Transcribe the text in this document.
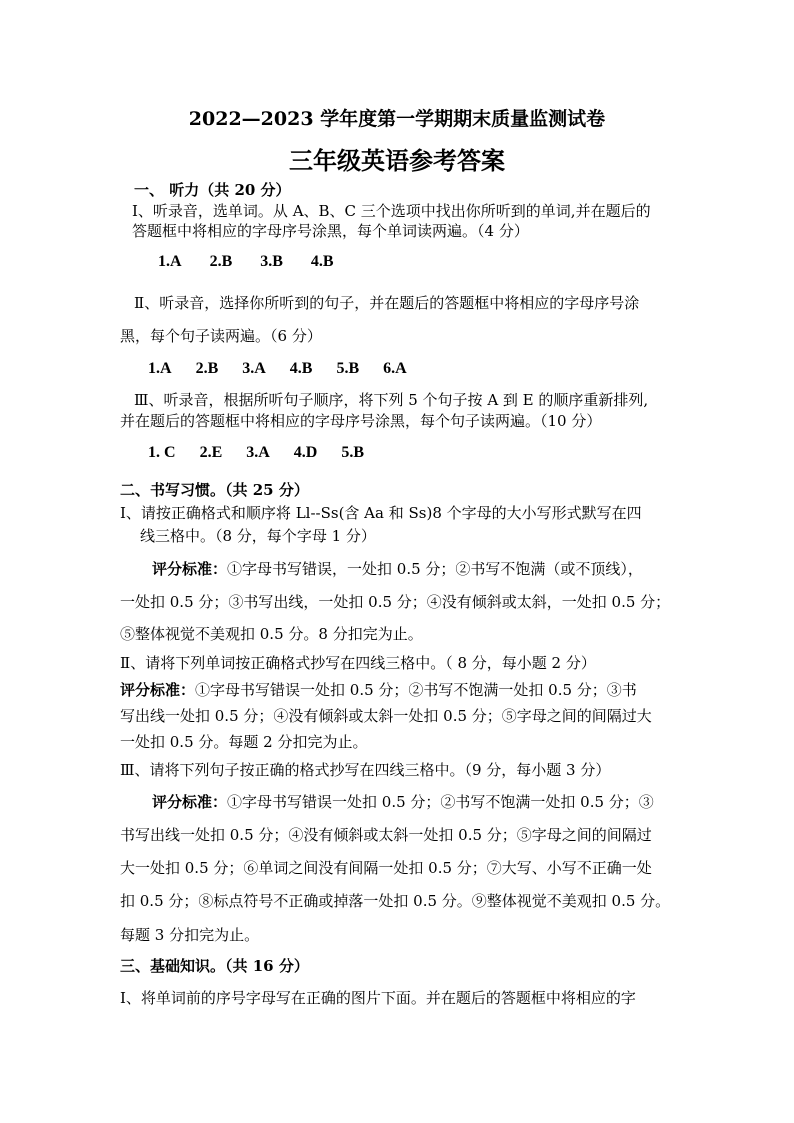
2022—2023 学年度第一学期期末质量监测试卷
三年级英语参考答案
一、 听力（共 20 分）
I、听录音，选单词。从 A、B、C 三个选项中找出你所听到的单词,并在题后的
答题框中将相应的字母序号涂黑，每个单词读两遍。（4 分）
1.A 2.B 3.B 4.B
Ⅱ、听录音，选择你所听到的句子，并在题后的答题框中将相应的字母序号涂
黑，每个句子读两遍。（6 分）
1.A 2.B 3.A 4.B 5.B 6.A
Ⅲ、听录音，根据所听句子顺序，将下列 5 个句子按 A 到 E 的顺序重新排列,
并在题后的答题框中将相应的字母序号涂黑，每个句子读两遍。（10 分）
1. C 2.E 3.A 4.D 5.B
二、书写习惯。（共 25 分）
I、请按正确格式和顺序将 Ll--Ss(含 Aa 和 Ss)8 个字母的大小写形式默写在四
线三格中。（8 分，每个字母 1 分）
评分标准：①字母书写错误，一处扣 0.5 分；②书写不饱满（或不顶线），
一处扣 0.5 分；③书写出线，一处扣 0.5 分；④没有倾斜或太斜，一处扣 0.5 分；
⑤整体视觉不美观扣 0.5 分。8 分扣完为止。
Ⅱ、请将下列单词按正确格式抄写在四线三格中。（ 8 分，每小题 2 分）
评分标准：①字母书写错误一处扣 0.5 分；②书写不饱满一处扣 0.5 分；③书
写出线一处扣 0.5 分；④没有倾斜或太斜一处扣 0.5 分；⑤字母之间的间隔过大
一处扣 0.5 分。每题 2 分扣完为止。
Ⅲ、请将下列句子按正确的格式抄写在四线三格中。（9 分，每小题 3 分）
评分标准：①字母书写错误一处扣 0.5 分；②书写不饱满一处扣 0.5 分；③
书写出线一处扣 0.5 分；④没有倾斜或太斜一处扣 0.5 分；⑤字母之间的间隔过
大一处扣 0.5 分；⑥单词之间没有间隔一处扣 0.5 分；⑦大写、小写不正确一处
扣 0.5 分；⑧标点符号不正确或掉落一处扣 0.5 分。⑨整体视觉不美观扣 0.5 分。
每题 3 分扣完为止。
三、基础知识。（共 16 分）
I、将单词前的序号字母写在正确的图片下面。并在题后的答题框中将相应的字
